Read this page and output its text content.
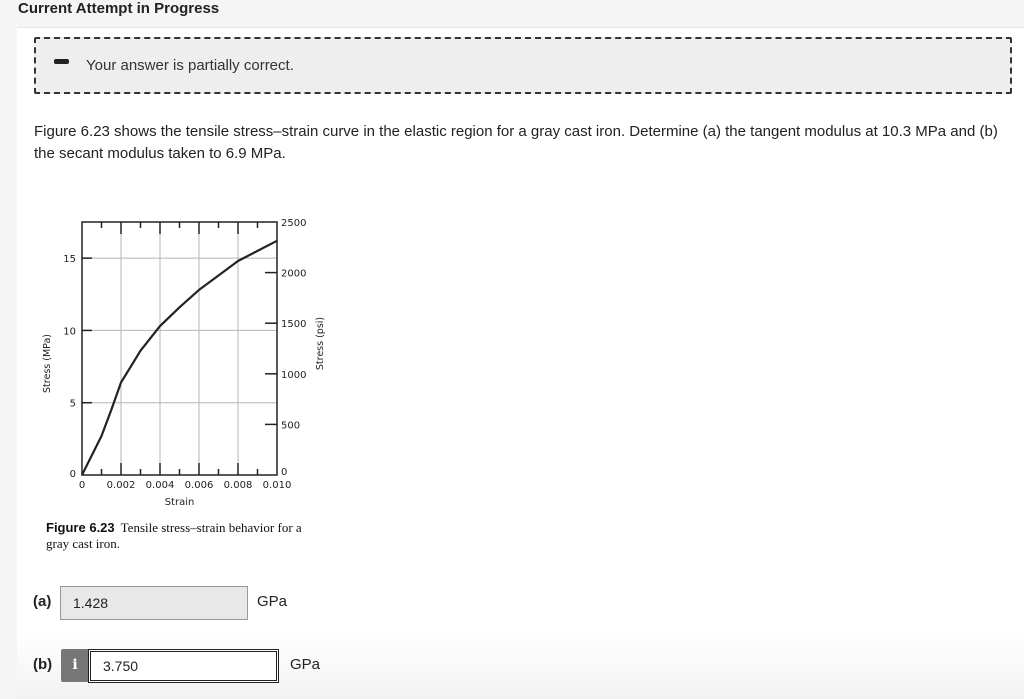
Current Attempt in Progress
Your answer is partially correct.
Figure 6.23 shows the tensile stress–strain curve in the elastic region for a gray cast iron. Determine (a) the tangent modulus at 10.3 MPa and (b) the secant modulus taken to 6.9 MPa.
0 0.002 0.004 0.006 0.008 0.010
0
5
10
15
0
500
1000
1500
2000
2500
Strain
Stress (MPa)	Stress (psi)
Figure 6.23 Tensile stress–strain behavior for a gray cast iron.
(a)
1.428	GPa
(b)	i
3.750	GPa
